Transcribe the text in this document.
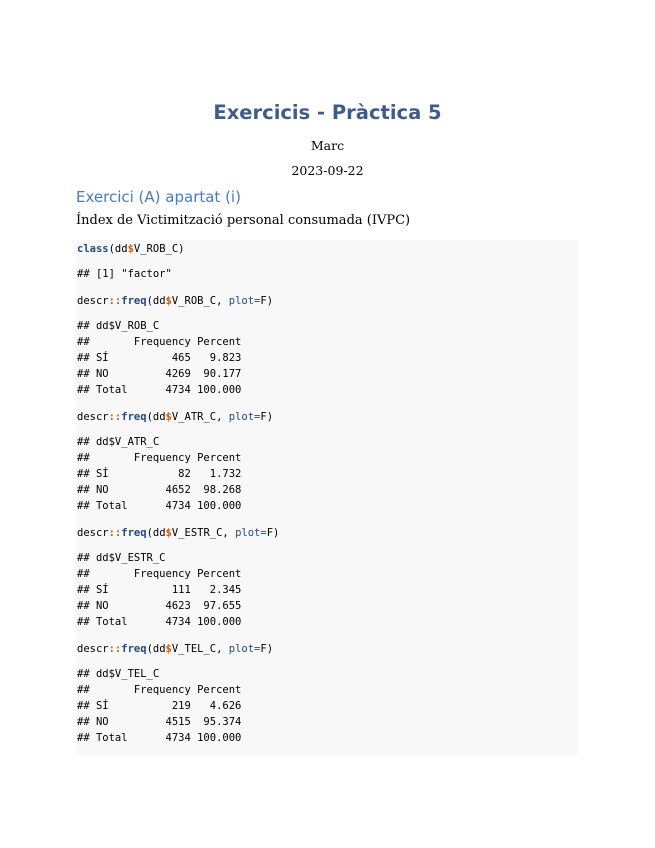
Exercicis - Pràctica 5

Marc

2023-09-22

Exercici (A) apartat (i)

Índex de Victimització personal consumada (IVPC)

class(dd$V_ROB_C)
## [1] "factor"
descr::freq(dd$V_ROB_C, plot=F)
## dd$V_ROB_C
##       Frequency Percent
## SÍ          465   9.823
## NO         4269  90.177
## Total      4734 100.000
descr::freq(dd$V_ATR_C, plot=F)
## dd$V_ATR_C
##       Frequency Percent
## SÍ           82   1.732
## NO         4652  98.268
## Total      4734 100.000
descr::freq(dd$V_ESTR_C, plot=F)
## dd$V_ESTR_C
##       Frequency Percent
## SÍ          111   2.345
## NO         4623  97.655
## Total      4734 100.000
descr::freq(dd$V_TEL_C, plot=F)
## dd$V_TEL_C
##       Frequency Percent
## SÍ          219   4.626
## NO         4515  95.374
## Total      4734 100.000
